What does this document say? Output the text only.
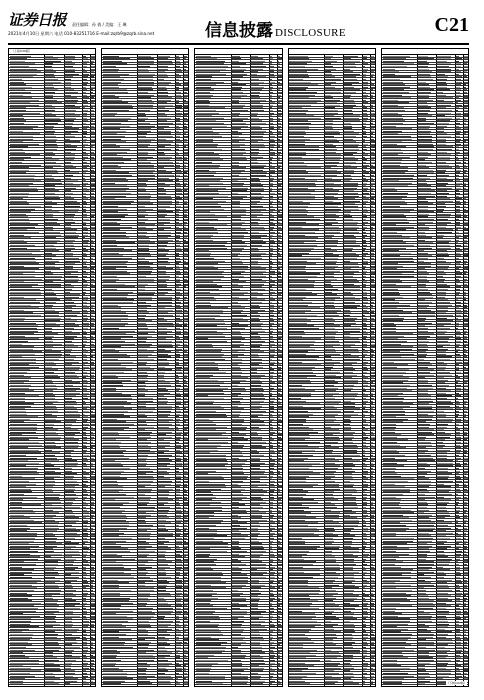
证券日报 责任编辑：孙 倩 / 美编：王 琳
2021年4月10日 星期六 电话 010-83251716 E-mail:zqrb9@zqrb.sina.net	信息披露 DISCLOSURE	C21
（上接C20版）
（下转C22版）
